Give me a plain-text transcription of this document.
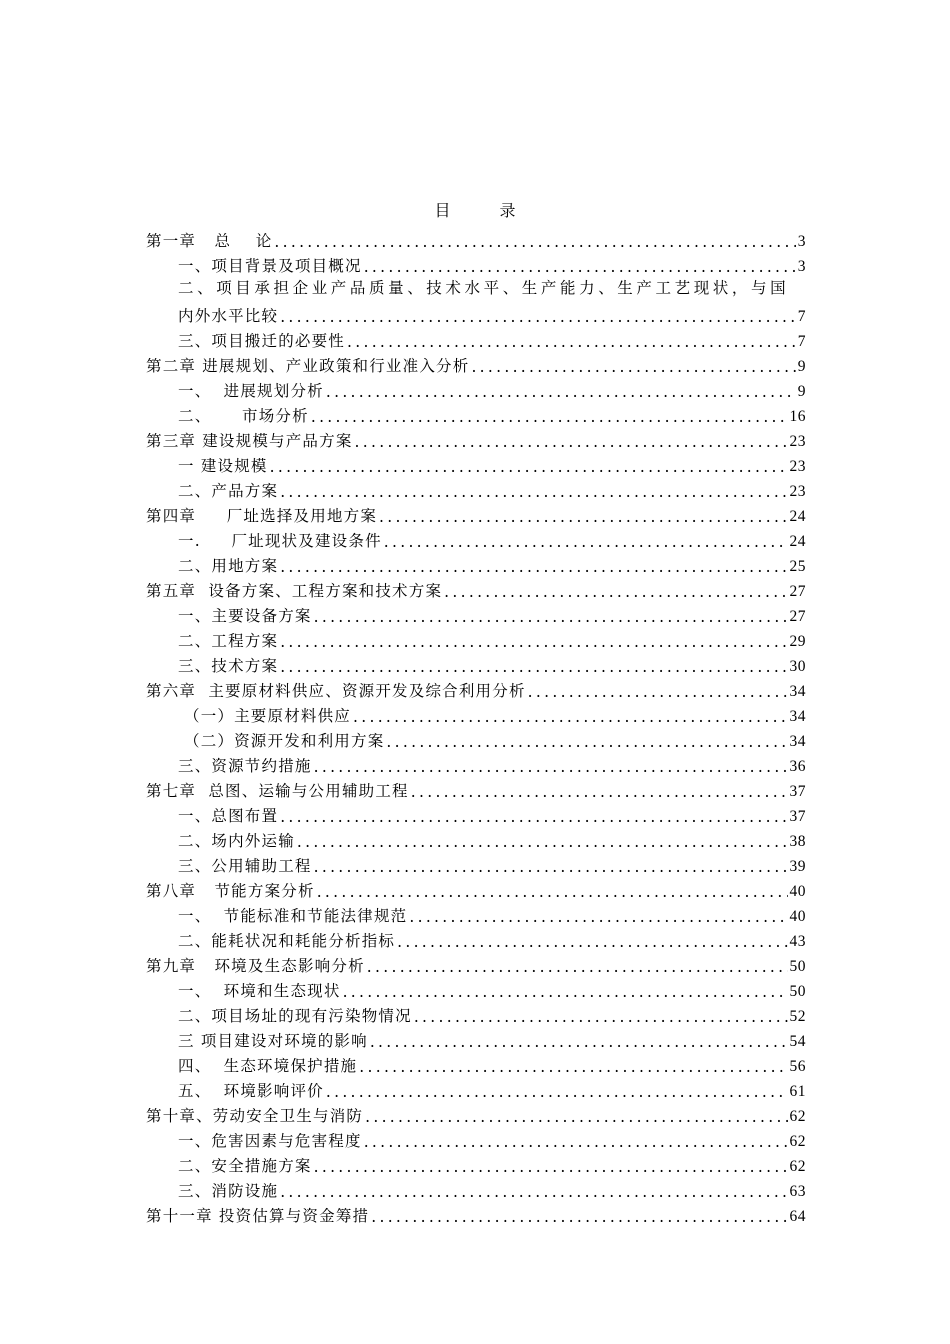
目 录
第一章   总    论 .....	3
一、项目背景及项目概况 .....	3
二、项目承担企业产品质量、技术水平、生产能力、生产工艺现状，与国
内外水平比较 .....	7
三、项目搬迁的必要性 .....	7
第二章 进展规划、产业政策和行业准入分析 .....	9
一、  进展规划分析 .....	9
二、     市场分析 .....	16
第三章 建设规模与产品方案 .....	23
一 建设规模 .....	23
二、产品方案 .....	23
第四章     厂址选择及用地方案 .....	24
一.     厂址现状及建设条件 .....	24
二、用地方案 .....	25
第五章  设备方案、工程方案和技术方案 .....	27
一、主要设备方案 .....	27
二、工程方案 .....	29
三、技术方案 .....	30
第六章  主要原材料供应、资源开发及综合利用分析 .....	34
（一）主要原材料供应 .....	34
（二）资源开发和利用方案 .....	34
三、资源节约措施 .....	36
第七章  总图、运输与公用辅助工程 .....	37
一、总图布置 .....	37
二、场内外运输 .....	38
三、公用辅助工程 .....	39
第八章   节能方案分析 .....	40
一、  节能标准和节能法律规范 .....	40
二、能耗状况和耗能分析指标 .....	43
第九章   环境及生态影响分析 .....	50
一、  环境和生态现状 .....	50
二、项目场址的现有污染物情况 .....	52
三 项目建设对环境的影响 .....	54
四、  生态环境保护措施 .....	56
五、  环境影响评价 .....	61
第十章、劳动安全卫生与消防 .....	62
一、危害因素与危害程度 .....	62
二、安全措施方案 .....	62
三、消防设施 .....	63
第十一章 投资估算与资金筹措 .....	64
